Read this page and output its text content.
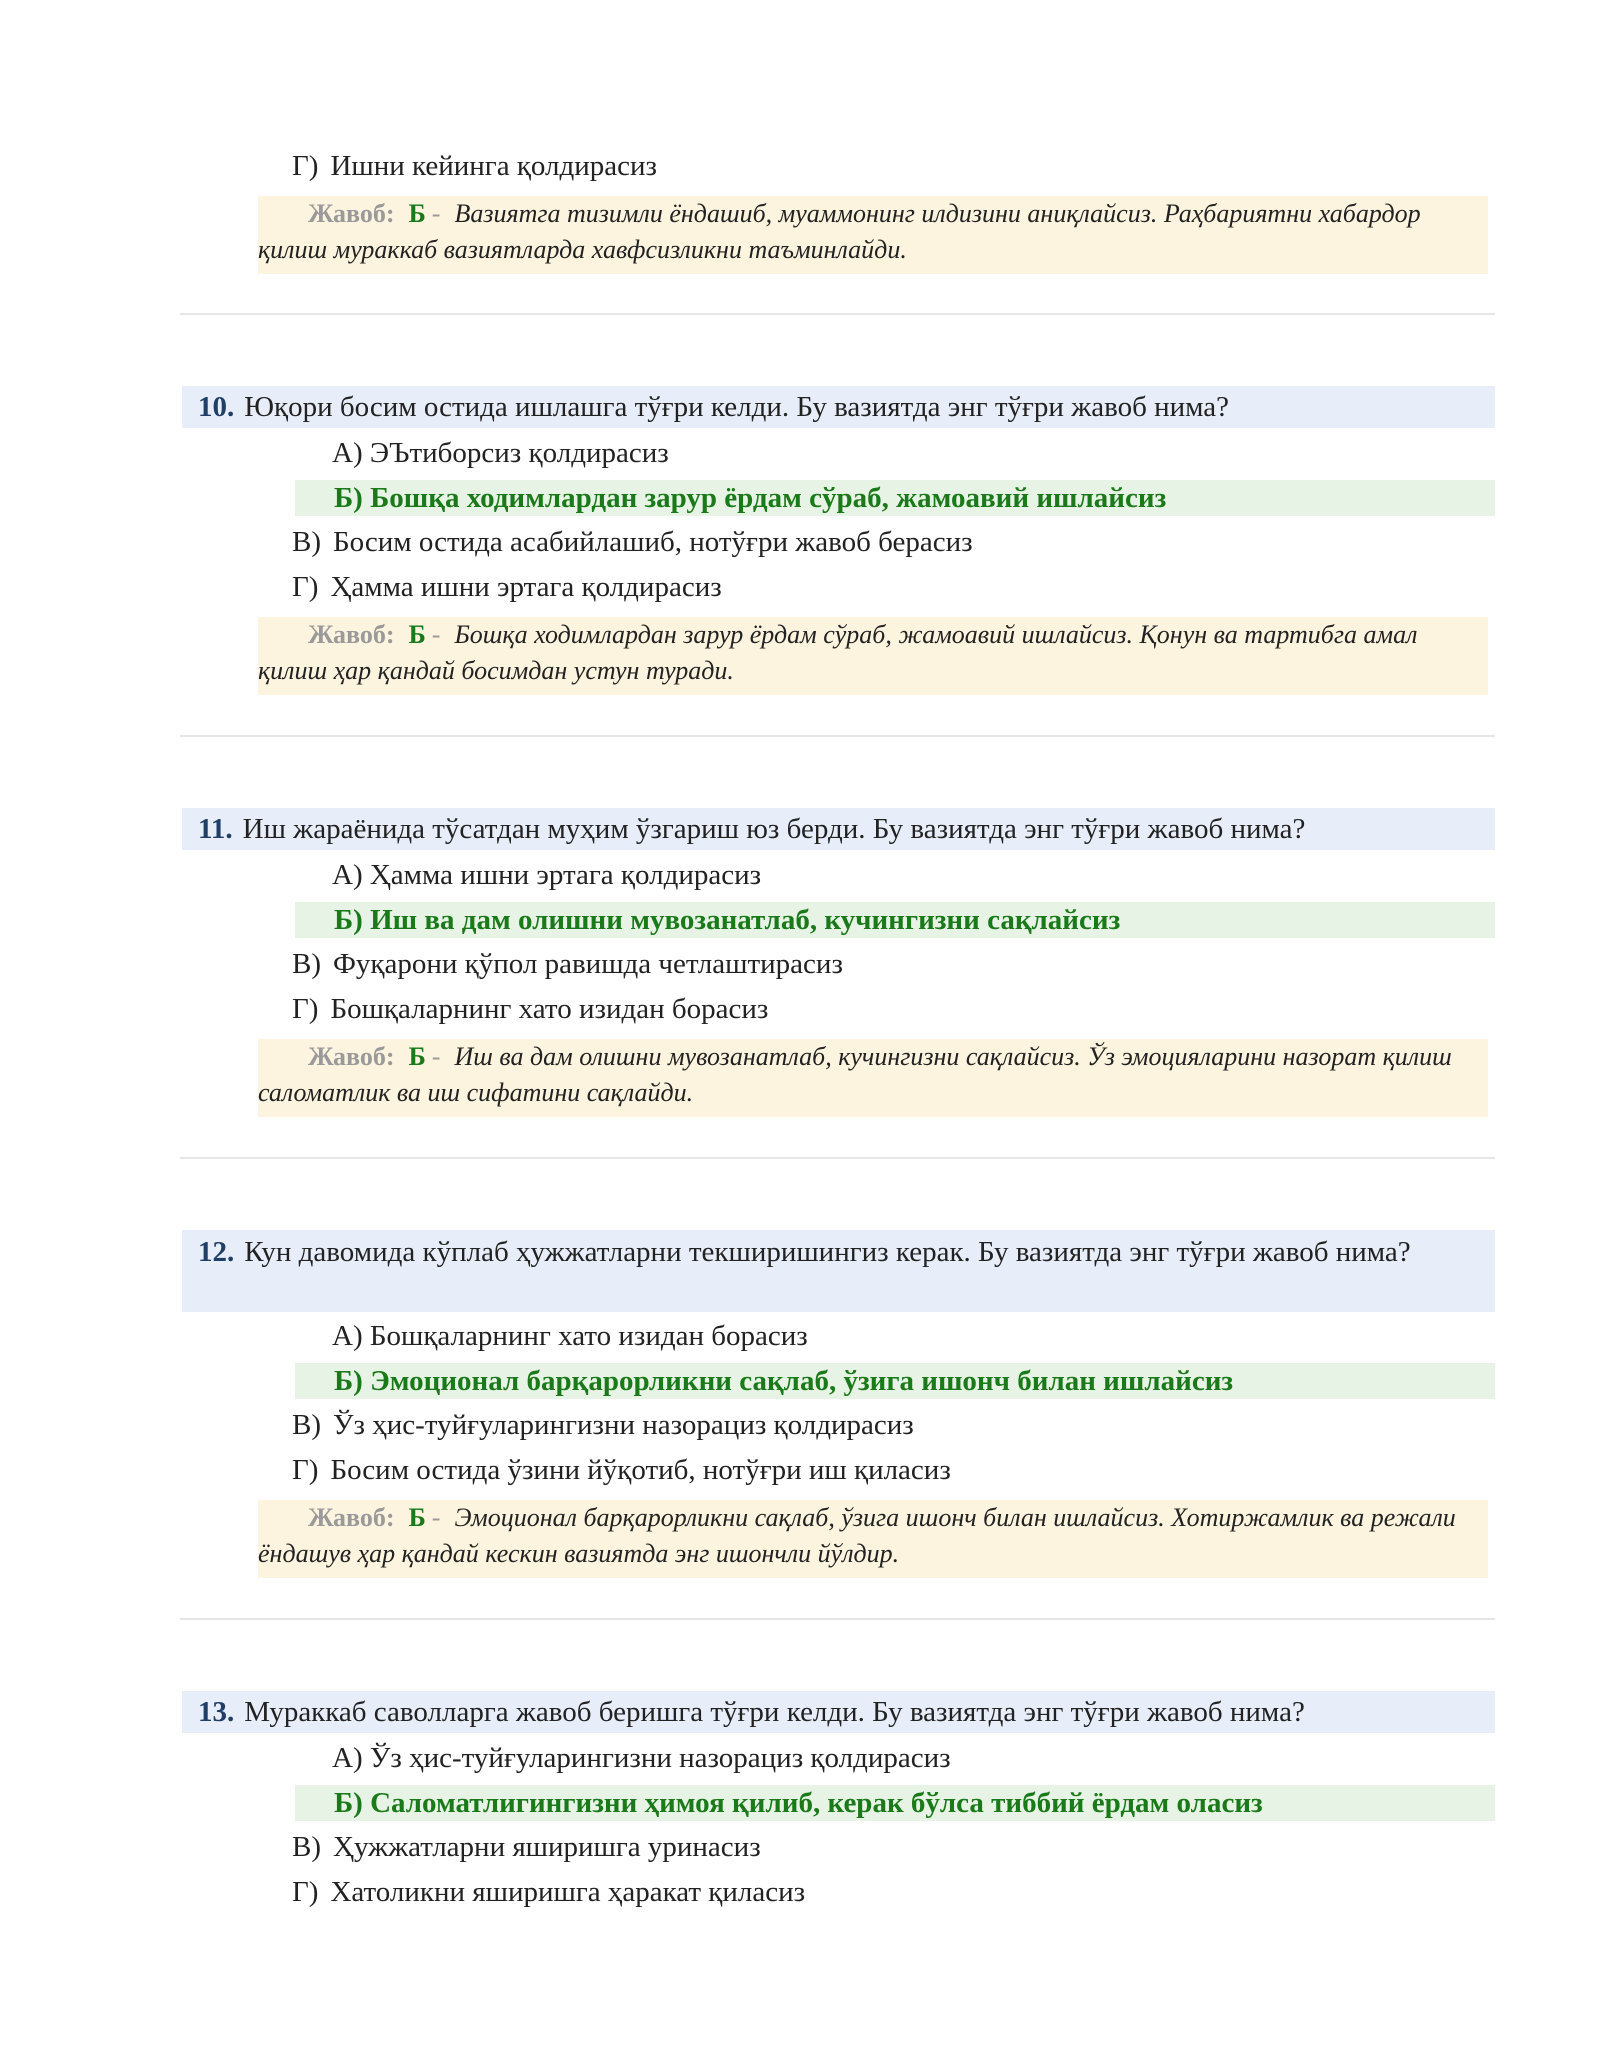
Г) Ишни кейинга қолдирасиз
Жавоб: Б - Вазиятга тизимли ёндашиб, муаммонинг илдизини аниқлайсиз. Раҳбариятни хабардор қилиш мураккаб вазиятларда хавфсизликни таъминлайди.
10. Юқори босим остида ишлашга тўғри келди. Бу вазиятда энг тўғри жавоб нима?
А) ЭЪтиборсиз қолдирасиз
Б) Бошқа ходимлардан зарур ёрдам сўраб, жамоавий ишлайсиз
В) Босим остида асабийлашиб, нотўғри жавоб берасиз
Г) Ҳамма ишни эртага қолдирасиз
Жавоб: Б - Бошқа ходимлардан зарур ёрдам сўраб, жамоавий ишлайсиз. Қонун ва тартибга амал қилиш ҳар қандай босимдан устун туради.
11. Иш жараёнида тўсатдан муҳим ўзгариш юз берди. Бу вазиятда энг тўғри жавоб нима?
А) Ҳамма ишни эртага қолдирасиз
Б) Иш ва дам олишни мувозанатлаб, кучингизни сақлайсиз
В) Фуқарони қўпол равишда четлаштирасиз
Г) Бошқаларнинг хато изидан борасиз
Жавоб: Б - Иш ва дам олишни мувозанатлаб, кучингизни сақлайсиз. Ўз эмоцияларини назорат қилиш саломатлик ва иш сифатини сақлайди.
12. Кун давомида кўплаб ҳужжатларни текширишингиз керак. Бу вазиятда энг тўғри жавоб нима?
А) Бошқаларнинг хато изидан борасиз
Б) Эмоционал барқарорликни сақлаб, ўзига ишонч билан ишлайсиз
В) Ўз ҳис-туйғуларингизни назорациз қолдирасиз
Г) Босим остида ўзини йўқотиб, нотўғри иш қиласиз
Жавоб: Б - Эмоционал барқарорликни сақлаб, ўзига ишонч билан ишлайсиз. Хотиржамлик ва режали ёндашув ҳар қандай кескин вазиятда энг ишончли йўлдир.
13. Мураккаб саволларга жавоб беришга тўғри келди. Бу вазиятда энг тўғри жавоб нима?
А) Ўз ҳис-туйғуларингизни назорациз қолдирасиз
Б) Саломатлигингизни ҳимоя қилиб, керак бўлса тиббий ёрдам оласиз
В) Ҳужжатларни яширишга уринасиз
Г) Хатоликни яширишга ҳаракат қиласиз
